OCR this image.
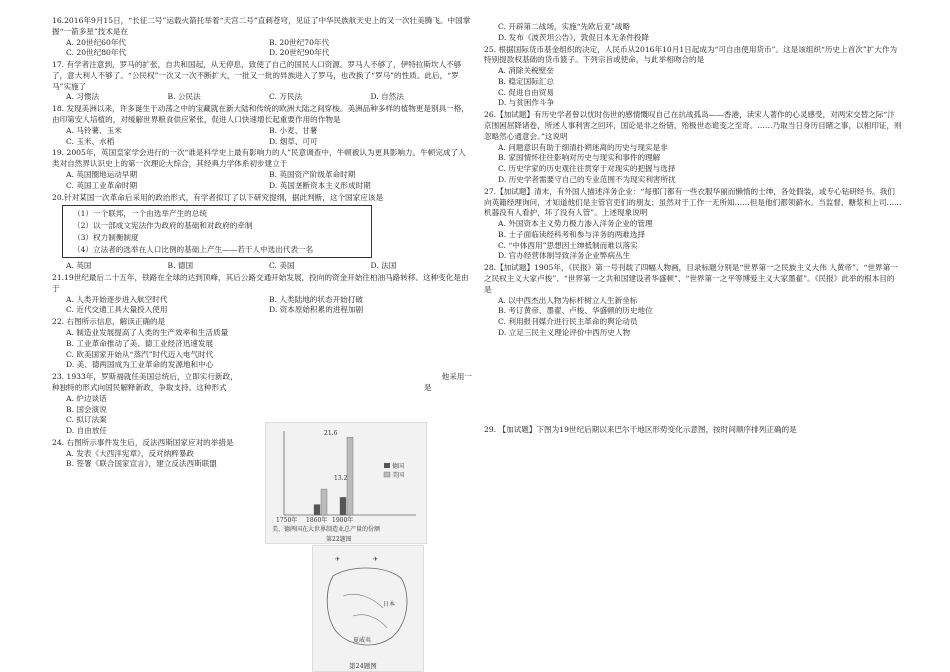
16.2016年9月15日，“长征二号”运载火箭托举着“天宫二号”直刺苍穹，见证了中华民族航天史上的又一次壮美腾飞。中国掌握“一箭多星”技术是在
A. 20世纪60年代	B. 20世纪70年代
C. 20世纪80年代	D. 20世纪90年代
17. 有学者注意到，罗马的扩张，自共和国起，从无停息，致使了自己的国民人口资源。罗马人不够了，伊特拉斯坎人不够了，意大利人不够了。“公民权”一次又一次不断扩大，一批又一批的异族进入了罗马，也改换了“罗马”的性质。此后，“罗马”实施了
A. 习惯法	B. 公民法	C. 万民法	D. 自然法
18. 发现美洲以来，许多诞生于动荡之中的宝藏就在新大陆和传统的欧洲大陆之间穿梭。美洲品种多样的植物更是别具一格，由印第安人培植的，对缓解世界粮食供应紧张，促进人口快速增长起重要作用的作物是
A. 马铃薯、玉米	B. 小麦、甘薯
C. 玉米、水稻	D. 烟草、可可
19. 2005年，英国皇家学会进行的一次“谁是科学史上最有影响力的人”民意调查中，牛顿被认为更具影响力。牛顿完成了人类对自然界认识史上的第一次理论大综合，其经典力学体系初步建立于
A. 英国圈地运动早期	B. 英国资产阶级革命时期
C. 英国工业革命时期	D. 英国垄断资本主义形成时期
20.针对某国一次革命后采用的政治形式，有学者拟订了以下研究提纲，据此判断，这个国家应该是
（1）一个联邦，一个由选举产生的总统
（2）以一部成文宪法作为政府的基础和对政府的牵制
（3）权力制衡制度
（4）立法者的选举在人口比例的基础上产生——若干人中选出代表一名
A. 英国	B. 德国	C. 美国	D. 法国
21.19世纪最后二十五年，铁路在全球的达到顶峰，其后公路交通开始发展，投向的资金开始往柏油马路转移。这种变化是由于
A. 人类开始逐步进入航空时代	B. 人类陆地的状态开始打破
C. 近代交通工具大量投入使用	D. 资本原始积累的进程加剧
22. 右图所示信息，解读正确的是
A. 制造业发展提高了人类的生产效率和生活质量
B. 工业革命推动了美、德工业经济迅速发展
C. 欧美国家开始从“蒸汽”时代迈入电气时代
D. 美、德两国成为工业革命的发源地和中心
23. 1933年，罗斯福就任美国总统后，立即实行新政，	他采用一
种独特的形式向国民解释新政，争取支持。这种形式	是
A. 炉边谈话
B. 国会演说
C. 拟订法案
D. 自由放任
24. 右图所示事件发生后，反法西斯国家应对的举措是
A. 发表《大西洋宪章》，反对纳粹暴政
B. 签署《联合国家宣言》，建立反法西斯联盟	德国
美国
21.6
13.2
1750年 1860年 1900年
美、德两国在大世界制造业总产量的份额
第22题图
✈	✈
日本
夏威夷
第24题图
C. 开辟第二战场，实施“先欧后亚”战略
D. 发布《波茨坦公告》，敦促日本无条件投降
25. 根据国际货币基金组织的决定，人民币从2016年10月1日起成为“可自由使用货币”。这是该组织“历史上首次”扩大作为特别提款权基础的货币篮子。下列宗旨或使命，与此举相吻合的是
A. 消除关税壁垒
B. 稳定国际汇总
C. 促进自由贸易
D. 与贫困作斗争
26.【加试题】有历史学者曾以忧时伤世的感情慨叹自己在抗战孤岛——香港，读宋人著作的心灵感受，对两宋交替之际“汴京围困屈降诸卷，所述人事利害之回环，国论是非之纷错，殆极世态诡变之至奇。……乃取当日身历目睹之事，以相印证，则忽略然心通意会。”这说明
A. 问题意识有助于细清扑朔迷离的历史与现实是非
B. 家国情怀往往影响对历史与现实和事件的理解
C. 历史学家的历史观往往贯穿于对现实的把握与选择
D. 历史学者需要守自己的专业范围不为现实利害所扰
27.【加试题】清末，有外国人描述洋务企业：“每那门都有一些衣服华丽而懒惰的士绅，各处假装，或专心钻研经书。我们向英籍经理询问，才知道他们是主管官吏们的朋友；虽然对于工作一无所知……但是他们都领薪水。当监督、糖浆和上司……机器没有人看护，坏了没有人管”。上述现象说明
A. 外国资本主义势力极力渗入洋务企业的管理
B. 士子面临读经科考和参与洋务的两难选择
C. “中体西用”思想因土绅抵制而难以落实
D. 官办经营体制导致洋务企业弊病丛生
28.【加试题】1905年，《民报》第一号刊载了四幅人物画，目录标题分别是“世界第一之民族主义大伟 人黄帝”、“世界第一之民权主义大家卢梭”、“世界第一之共和国建设者华盛顿”、“世界第一之平等博爱主义大家墨翟”。《民报》此举的根本目的是
A. 以中西杰出人物为标杆树立人生新坐标
B. 考订黄帝、墨翟、卢梭、华盛顿的历史地位
C. 利用报刊媒介进行民主革命的舆论动员
D. 立足三民主义理论评价中西历史人物
29. 【加试题】下图为19世纪后期以来巴尔干地区形势变化示意图，按时间顺序排列正确的是
